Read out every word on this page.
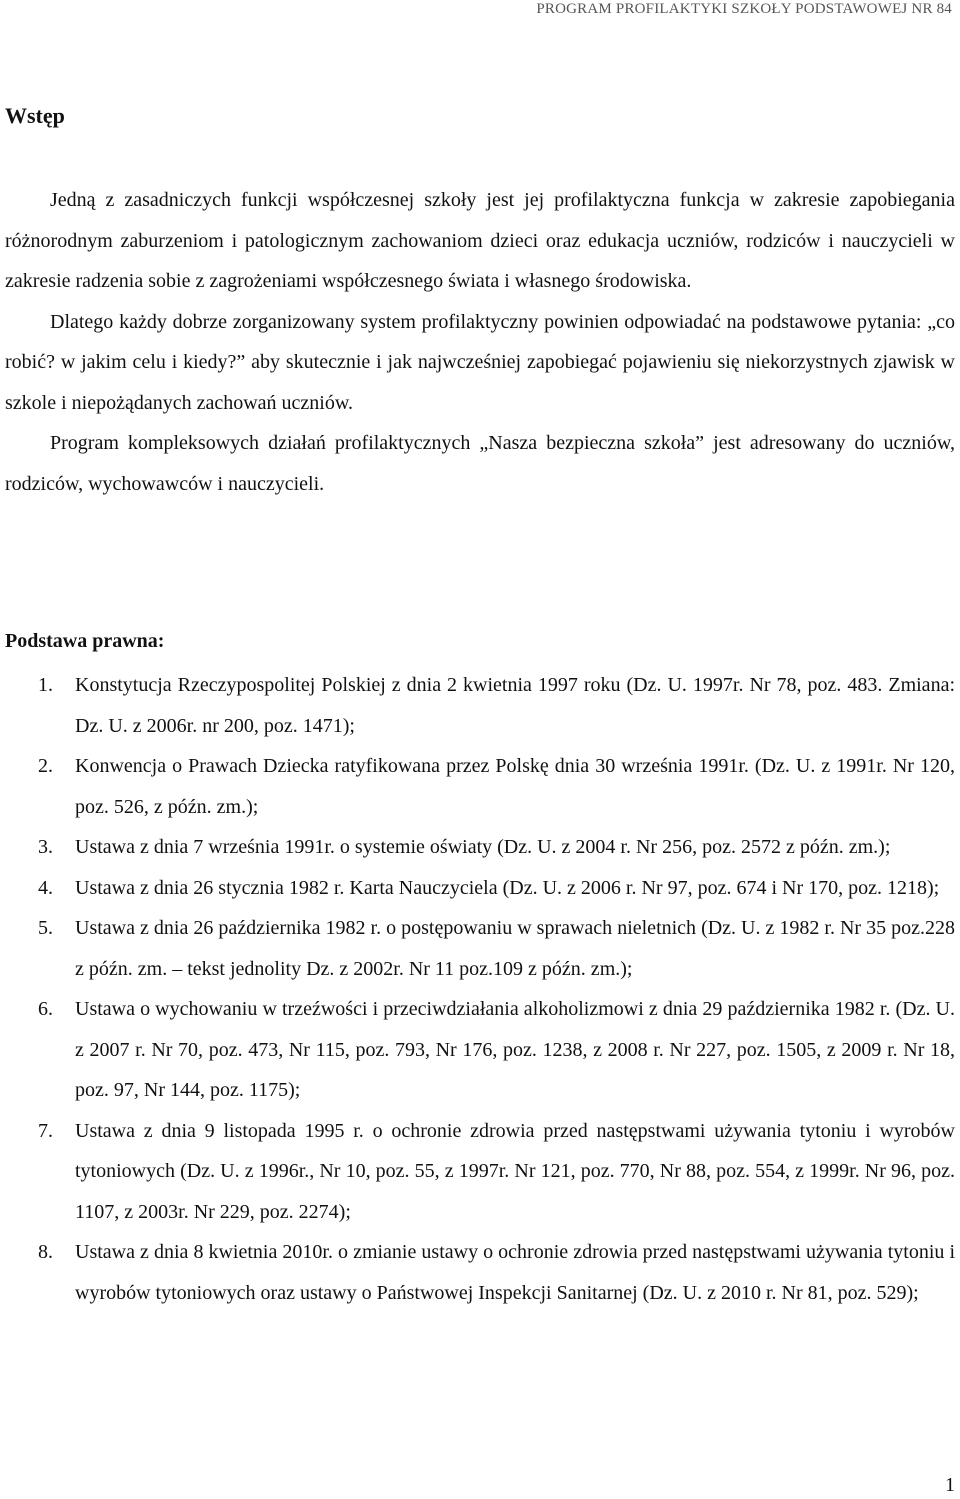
PROGRAM PROFILAKTYKI SZKOŁY PODSTAWOWEJ NR 84
Wstęp

Jedną z zasadniczych funkcji współczesnej szkoły jest jej profilaktyczna funkcja w zakresie zapobiegania różnorodnym zaburzeniom i patologicznym zachowaniom dzieci oraz edukacja uczniów, rodziców i nauczycieli w zakresie radzenia sobie z zagrożeniami współczesnego świata i własnego środowiska.

Dlatego każdy dobrze zorganizowany system profilaktyczny powinien odpowiadać na podstawowe pytania: „co robić? w jakim celu i kiedy?” aby skutecznie i jak najwcześniej zapobiegać pojawieniu się niekorzystnych zjawisk w szkole i niepożądanych zachowań uczniów.

Program kompleksowych działań profilaktycznych „Nasza bezpieczna szkoła” jest adresowany do uczniów, rodziców, wychowawców i nauczycieli.

Podstawa prawna:
1.	Konstytucja Rzeczypospolitej Polskiej z dnia 2 kwietnia 1997 roku (Dz. U. 1997r. Nr 78, poz. 483. Zmiana: Dz. U. z 2006r. nr 200, poz. 1471);
2.	Konwencja o Prawach Dziecka ratyfikowana przez Polskę dnia 30 września 1991r. (Dz. U. z 1991r. Nr 120, poz. 526, z późn. zm.);
3.	Ustawa z dnia 7 września 1991r. o systemie oświaty (Dz. U. z 2004 r. Nr 256, poz. 2572 z późn. zm.);
4.	Ustawa z dnia 26 stycznia 1982 r. Karta Nauczyciela (Dz. U. z 2006 r. Nr 97, poz. 674 i Nr 170, poz. 1218);
5.	Ustawa z dnia 26 października 1982 r. o postępowaniu w sprawach nieletnich (Dz. U. z 1982 r. Nr 35 poz.228 z późn. zm. – tekst jednolity Dz. z 2002r. Nr 11 poz.109 z późn. zm.);
6.	Ustawa o wychowaniu w trzeźwości i przeciwdziałania alkoholizmowi z dnia 29 października 1982 r. (Dz. U. z 2007 r. Nr 70, poz. 473, Nr 115, poz. 793, Nr 176, poz. 1238, z 2008 r. Nr 227, poz. 1505, z 2009 r. Nr 18, poz. 97, Nr 144, poz. 1175);
7.	Ustawa z dnia 9 listopada 1995 r. o ochronie zdrowia przed następstwami używania tytoniu i wyrobów tytoniowych (Dz. U. z 1996r., Nr 10, poz. 55, z 1997r. Nr 121, poz. 770, Nr 88, poz. 554, z 1999r. Nr 96, poz. 1107, z 2003r. Nr 229, poz. 2274);
8.	Ustawa z dnia 8 kwietnia 2010r. o zmianie ustawy o ochronie zdrowia przed następstwami używania tytoniu i wyrobów tytoniowych oraz ustawy o Państwowej Inspekcji Sanitarnej (Dz. U. z 2010 r. Nr 81, poz. 529);
1
